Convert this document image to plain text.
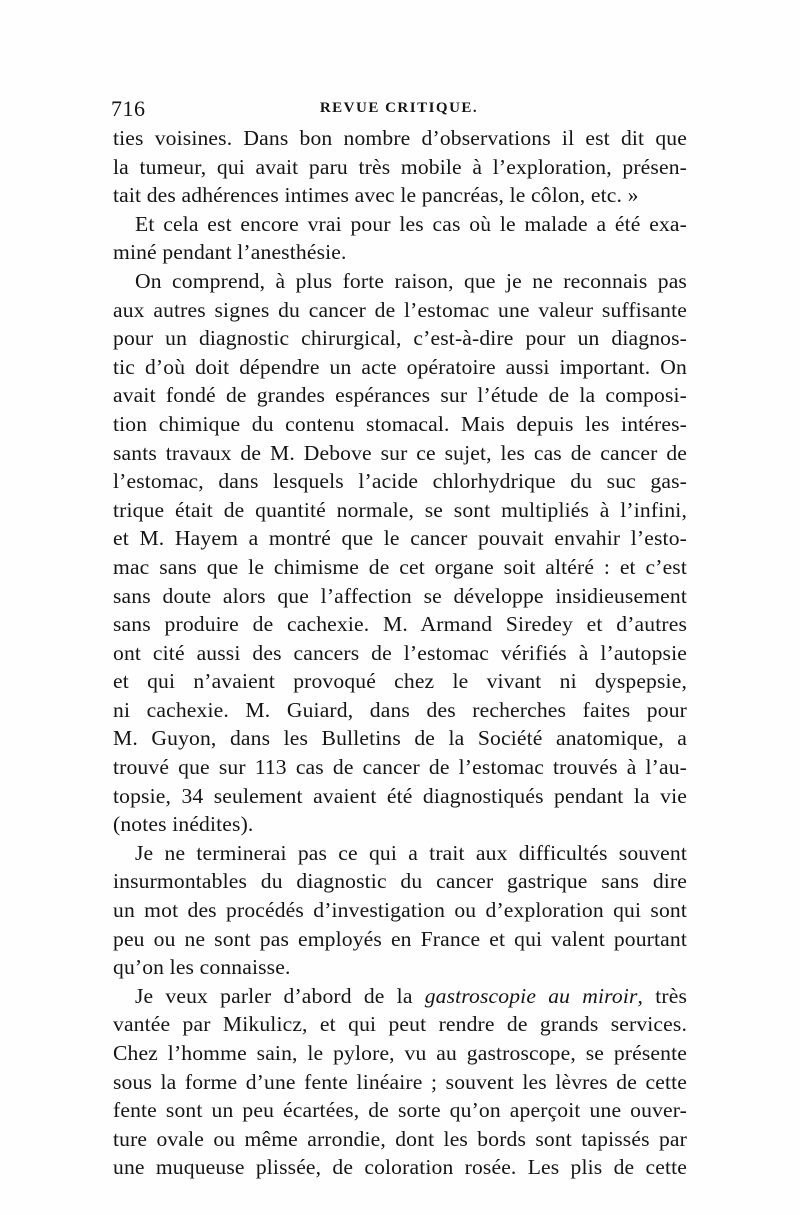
716	REVUE CRITIQUE.
ties voisines. Dans bon nombre d’observations il est dit que
la tumeur, qui avait paru très mobile à l’exploration, présen-
tait des adhérences intimes avec le pancréas, le côlon, etc. »
Et cela est encore vrai pour les cas où le malade a été exa-
miné pendant l’anesthésie.
On comprend, à plus forte raison, que je ne reconnais pas
aux autres signes du cancer de l’estomac une valeur suffisante
pour un diagnostic chirurgical, c’est-à-dire pour un diagnos-
tic d’où doit dépendre un acte opératoire aussi important. On
avait fondé de grandes espérances sur l’étude de la composi-
tion chimique du contenu stomacal. Mais depuis les intéres-
sants travaux de M. Debove sur ce sujet, les cas de cancer de
l’estomac, dans lesquels l’acide chlorhydrique du suc gas-
trique était de quantité normale, se sont multipliés à l’infini,
et M. Hayem a montré que le cancer pouvait envahir l’esto-
mac sans que le chimisme de cet organe soit altéré : et c’est
sans doute alors que l’affection se développe insidieusement
sans produire de cachexie. M. Armand Siredey et d’autres
ont cité aussi des cancers de l’estomac vérifiés à l’autopsie
et qui n’avaient provoqué chez le vivant ni dyspepsie,
ni cachexie. M. Guiard, dans des recherches faites pour
M. Guyon, dans les Bulletins de la Société anatomique, a
trouvé que sur 113 cas de cancer de l’estomac trouvés à l’au-
topsie, 34 seulement avaient été diagnostiqués pendant la vie
(notes inédites).
Je ne terminerai pas ce qui a trait aux difficultés souvent
insurmontables du diagnostic du cancer gastrique sans dire
un mot des procédés d’investigation ou d’exploration qui sont
peu ou ne sont pas employés en France et qui valent pourtant
qu’on les connaisse.
Je veux parler d’abord de la gastroscopie au miroir, très
vantée par Mikulicz, et qui peut rendre de grands services.
Chez l’homme sain, le pylore, vu au gastroscope, se présente
sous la forme d’une fente linéaire ; souvent les lèvres de cette
fente sont un peu écartées, de sorte qu’on aperçoit une ouver-
ture ovale ou même arrondie, dont les bords sont tapissés par
une muqueuse plissée, de coloration rosée. Les plis de cette
